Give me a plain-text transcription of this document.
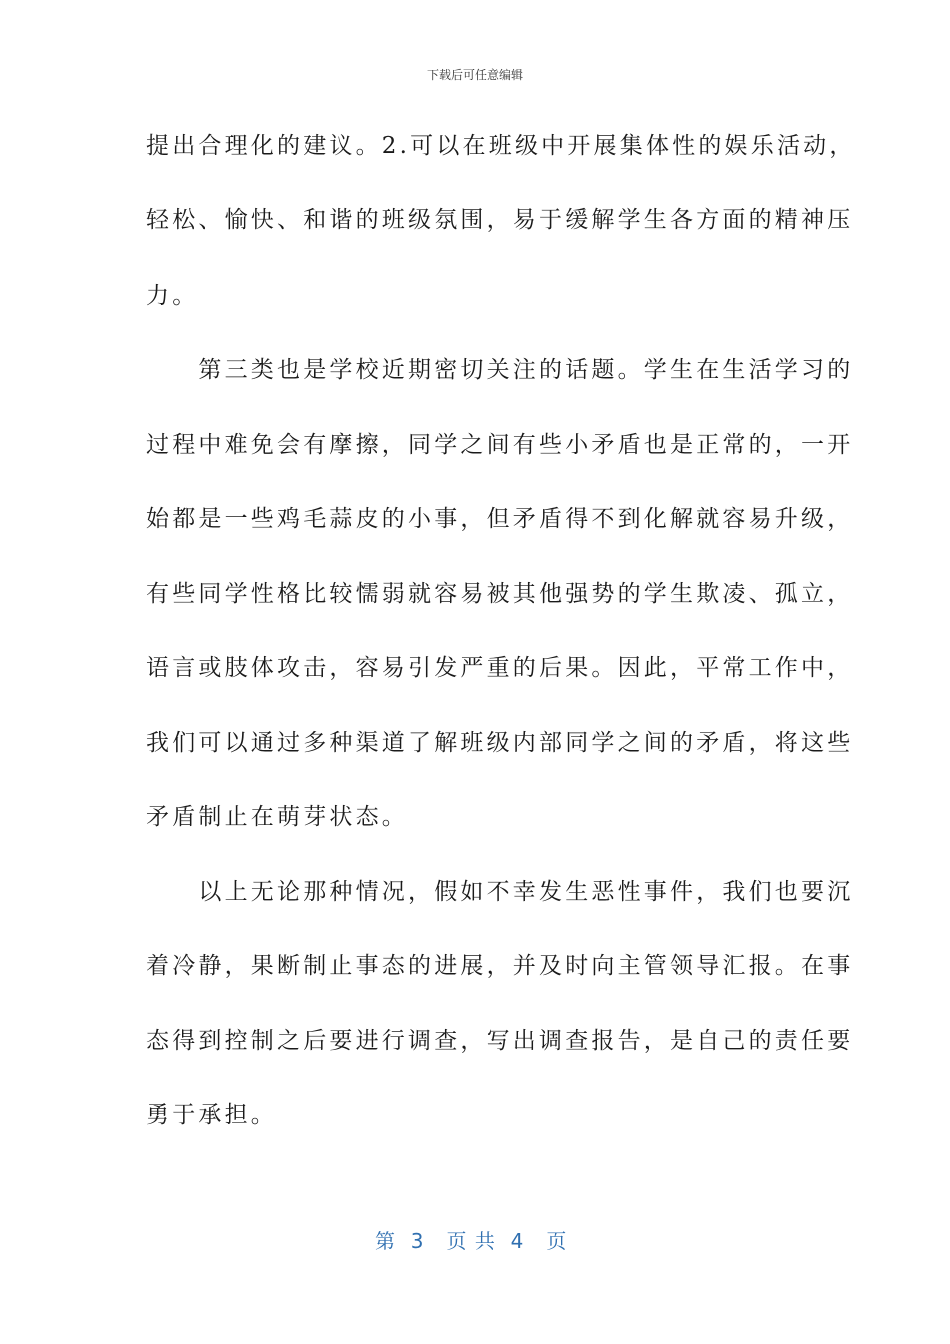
下载后可任意编辑
提出合理化的建议。2.可以在班级中开展集体性的娱乐活动，
轻松、愉快、和谐的班级氛围，易于缓解学生各方面的精神压
力。
　　第三类也是学校近期密切关注的话题。学生在生活学习的
过程中难免会有摩擦，同学之间有些小矛盾也是正常的，一开
始都是一些鸡毛蒜皮的小事，但矛盾得不到化解就容易升级，
有些同学性格比较懦弱就容易被其他强势的学生欺凌、孤立，
语言或肢体攻击，容易引发严重的后果。因此，平常工作中，
我们可以通过多种渠道了解班级内部同学之间的矛盾，将这些
矛盾制止在萌芽状态。
　　以上无论那种情况，假如不幸发生恶性事件，我们也要沉
着冷静，果断制止事态的进展，并及时向主管领导汇报。在事
态得到控制之后要进行调查，写出调查报告，是自己的责任要
勇于承担。
第  3   页 共  4   页
